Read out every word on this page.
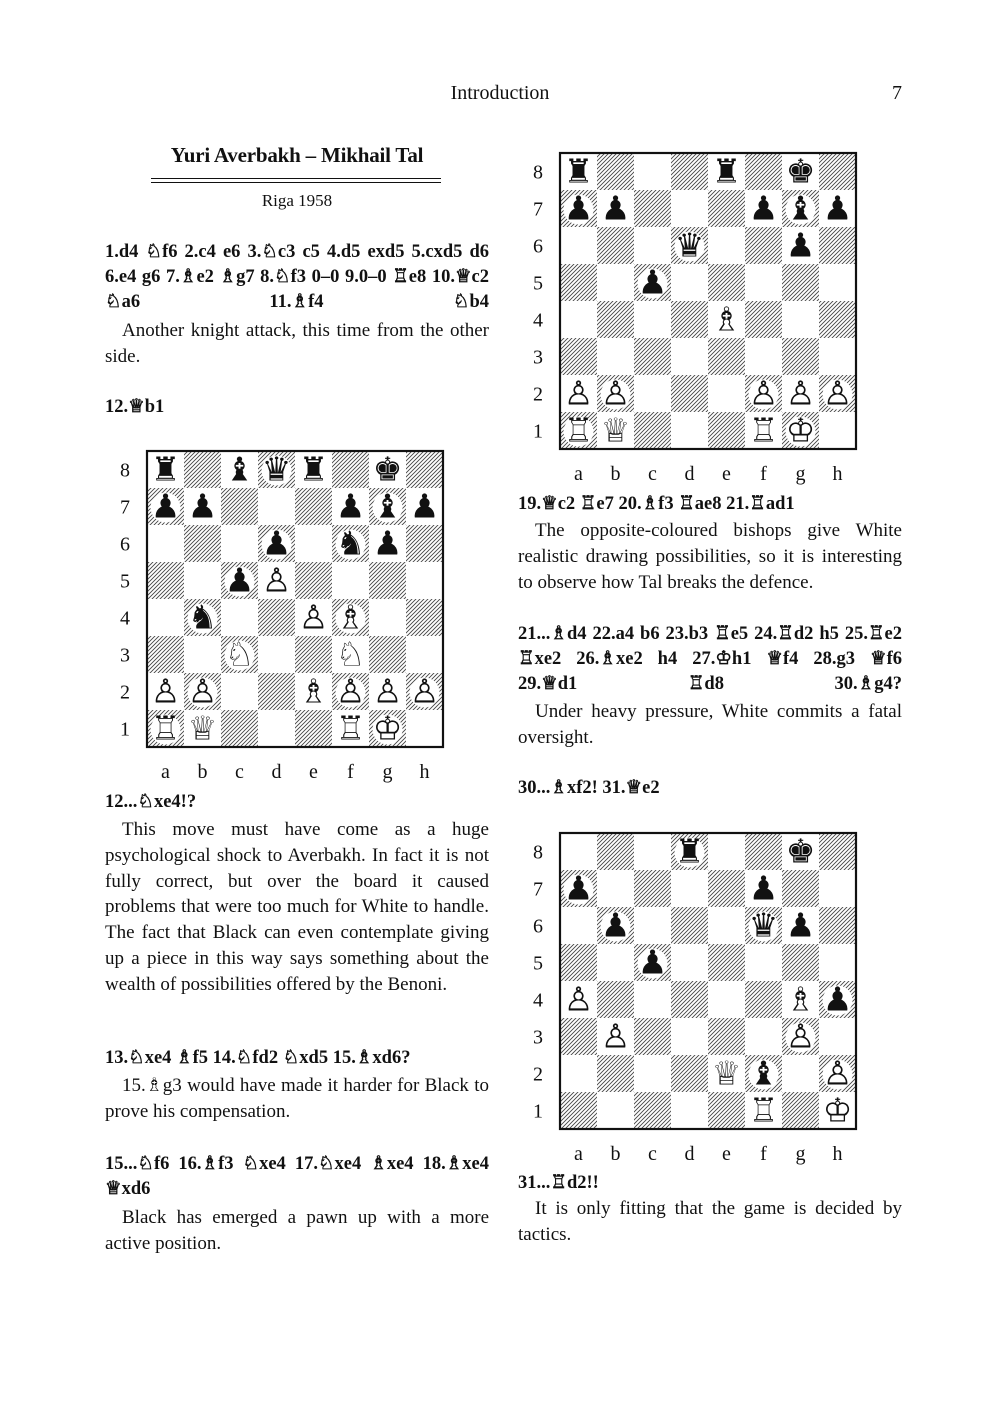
Introduction	7
Yuri Averbakh – Mikhail Tal
Riga 1958
1.d4 ♘f6 2.c4 e6 3.♘c3 c5 4.d5 exd5 5.cxd5 d6 6.e4 g6 7.♗e2 ♗g7 8.♘f3 0–0 9.0–0 ♖e8 10.♕c2 ♘a6 11.♗f4 ♘b4
Another knight attack, this time from the other side.
12.♕b1
♜ ♝ ♛ ♜ ♚
♟ ♟	♟ ♝ ♟
♟ ♞ ♟
♟ ♙
♞ ♙ ♗
♘ ♘
♙ ♙ ♗ ♙ ♙ ♙
♖ ♕	♖ ♔
8
7
6
5
4
3
2
1
a b c d e f g h
12...♘xe4!?
This move must have come as a huge psychological shock to Averbakh. In fact it is not fully correct, but over the board it caused problems that were too much for White to handle. The fact that Black can even contemplate giving up a piece in this way says something about the wealth of possibilities offered by the Benoni.
13.♘xe4 ♗f5 14.♘fd2 ♘xd5 15.♗xd6?
15.♗g3 would have made it harder for Black to prove his compensation.
15...♘f6 16.♗f3 ♘xe4 17.♘xe4 ♗xe4 18.♗xe4 ♕xd6
Black has emerged a pawn up with a more active position.
♜	♜ ♚
♟ ♟	♟ ♝ ♟
♛ ♟
♟
♗
♙ ♙	♙ ♙ ♙
♖ ♕	♖ ♔
8
7
6
5
4
3
2
1
a b c d e f g h
19.♕c2 ♖e7 20.♗f3 ♖ae8 21.♖ad1
The opposite-coloured bishops give White realistic drawing possibilities, so it is interesting to observe how Tal breaks the defence.
21...♗d4 22.a4 b6 23.b3 ♖e5 24.♖d2 h5 25.♖e2 ♖xe2 26.♗xe2 h4 27.♔h1 ♕f4 28.g3 ♕f6 29.♕d1 ♖d8 30.♗g4?
Under heavy pressure, White commits a fatal oversight.
30...♗xf2! 31.♕e2
♜ ♚
♟	♟
♟	♛ ♟
♟
♙	♗ ♟
♙	♙
♕ ♝ ♙
♖ ♔
8
7
6
5
4
3
2
1
a b c d e f g h
31...♖d2!!
It is only fitting that the game is decided by tactics.
